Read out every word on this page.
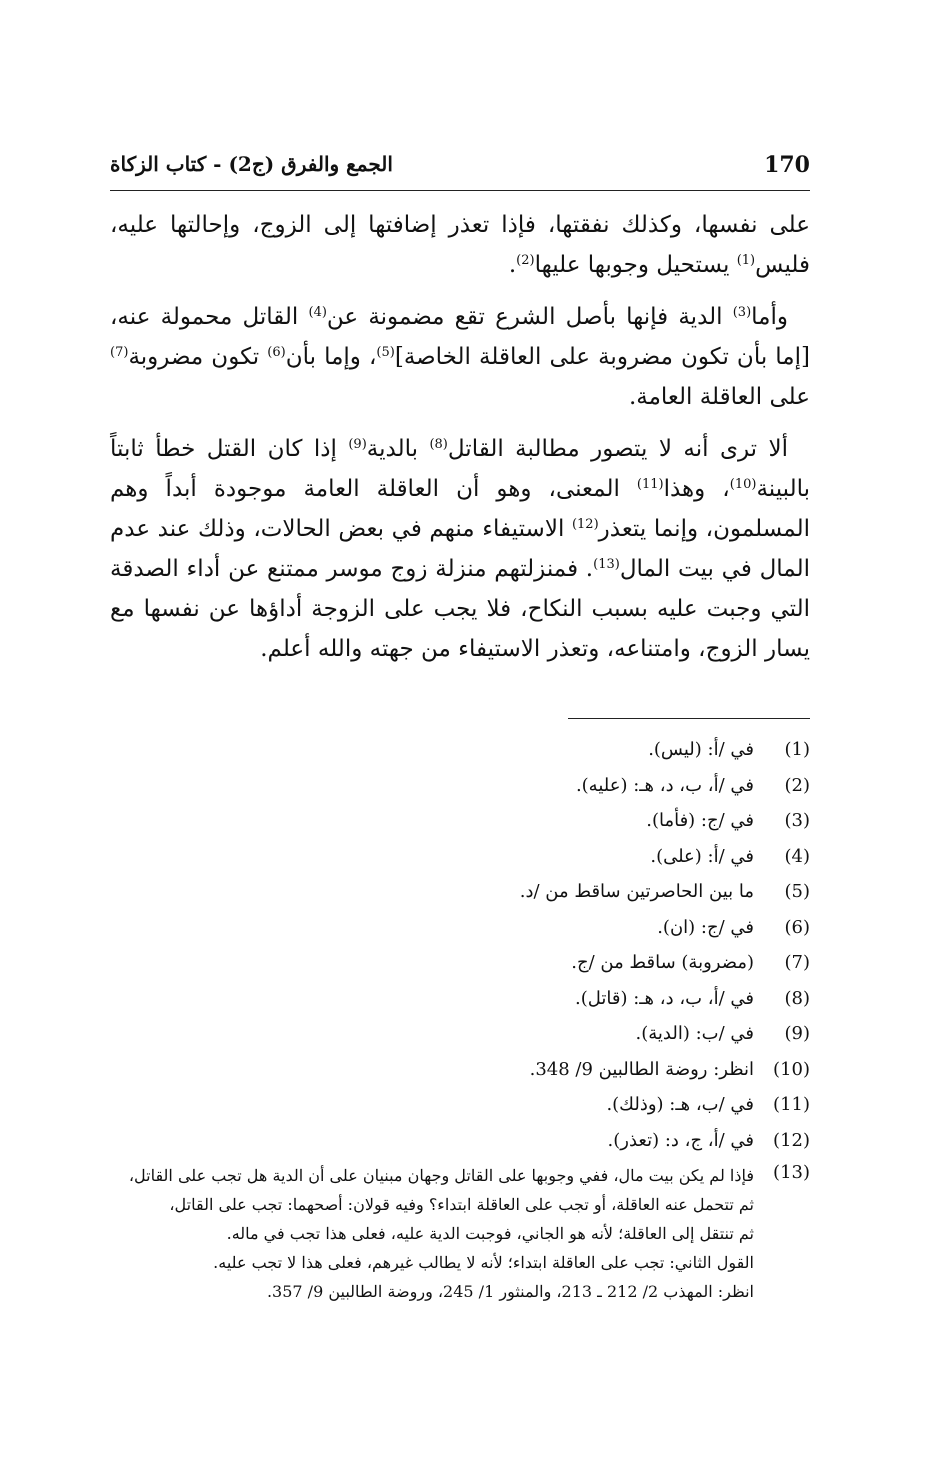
170
الجمع والفرق (ج2) - كتاب الزكاة

على نفسها، وكذلك نفقتها، فإذا تعذر إضافتها إلى الزوج، وإحالتها عليه، فليس$^{(1)}$ يستحيل وجوبها عليها$^{(2)}$.

وأما$^{(3)}$ الدية فإنها بأصل الشرع تقع مضمونة عن$^{(4)}$ القاتل محمولة عنه، [إما بأن تكون مضروبة على العاقلة الخاصة]$^{(5)}$، وإما بأن$^{(6)}$ تكون مضروبة$^{(7)}$ على العاقلة العامة.

ألا ترى أنه لا يتصور مطالبة القاتل$^{(8)}$ بالدية$^{(9)}$ إذا كان القتل خطأ ثابتاً بالبينة$^{(10)}$، وهذا$^{(11)}$ المعنى، وهو أن العاقلة العامة موجودة أبداً وهم المسلمون، وإنما يتعذر$^{(12)}$ الاستيفاء منهم في بعض الحالات، وذلك عند عدم المال في بيت المال$^{(13)}$. فمنزلتهم منزلة زوج موسر ممتنع عن أداء الصدقة التي وجبت عليه بسبب النكاح، فلا يجب على الزوجة أداؤها عن نفسها مع يسار الزوج، وامتناعه، وتعذر الاستيفاء من جهته والله أعلم.

(1)
في /أ: (ليس).
(2)
في /أ، ب، د، هـ: (عليه).
(3)
في /ج: (فأما).
(4)
في /أ: (على).
(5)
ما بين الحاصرتين ساقط من /د.
(6)
في /ج: (ان).
(7)
(مضروبة) ساقط من /ج.
(8)
في /أ، ب، د، هـ: (قاتل).
(9)
في /ب: (الدية).
(10)
انظر: روضة الطالبين 9/ 348.
(11)
في /ب، هـ: (وذلك).
(12)
في /أ، ج، د: (تعذر).
(13)
فإذا لم يكن بيت مال، ففي وجوبها على القاتل وجهان مبنيان على أن الدية هل تجب على القاتل،
ثم تتحمل عنه العاقلة، أو تجب على العاقلة ابتداء؟ وفيه قولان: أصحهما: تجب على القاتل،
ثم تنتقل إلى العاقلة؛ لأنه هو الجاني، فوجبت الدية عليه، فعلى هذا تجب في ماله.
القول الثاني: تجب على العاقلة ابتداء؛ لأنه لا يطالب غيرهم، فعلى هذا لا تجب عليه.
انظر: المهذب 2/ 212 ـ 213، والمنثور 1/ 245، وروضة الطالبين 9/ 357.
